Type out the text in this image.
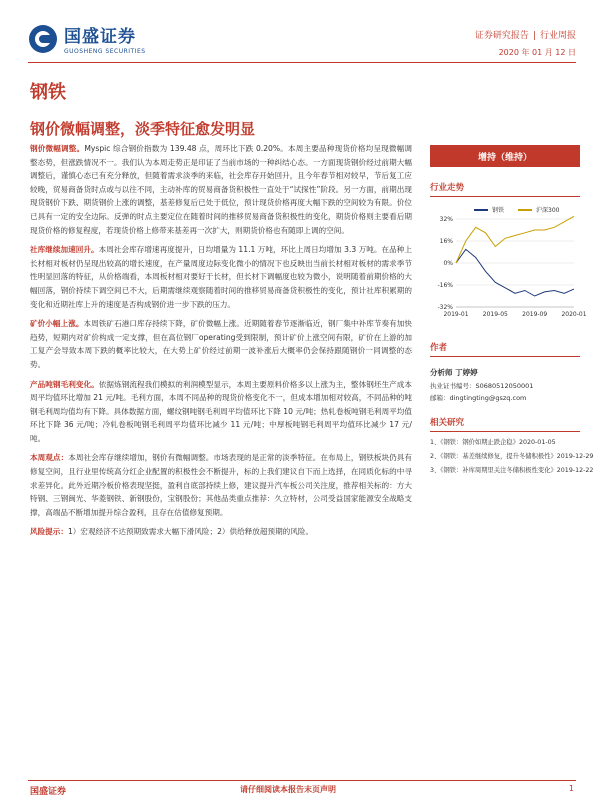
国盛证券
GUOSHENG SECURITIES
证券研究报告 | 行业周报
2020 年 01 月 12 日
钢铁
钢价微幅调整，淡季特征愈发明显

钢价微幅调整。Myspic 综合钢价指数为 139.48 点，周环比下跌 0.20%。本周主要品种现货价格均呈现微幅调整态势，但涨跌情况不一。我们认为本周走势正是印证了当前市场的一种纠结心态。一方面现货钢价经过前期大幅调整后，谨慎心态已有充分释放，但随着需求淡季的来临，社会库存开始回升，且今年春节相对较早，节后复工应较晚，贸易商备货时点或与以往不同，主动补库的贸易商备货积极性一直处于“试探性”阶段。另一方面，前期出现现货钢价下跌、期货钢价上涨的调整，基差修复后已处于低位，预计现货价格再度大幅下跌的空间较为有限。价位已具有一定的安全边际。反弹的时点主要定位在随着时间的推移贸易商备货积极性的变化，期货价格则主要看后期现货价格的修复程度，若现货价格上修带来基差再一次扩大，则期货价格也有随即上调的空间。

社库继续加速回升。本周社会库存增速再度提升，日均增量为 11.1 万吨，环比上周日均增加 3.3 万吨。在品种上长材相对板材仍呈现出较高的增长速度，在产量周度边际变化微小的情况下也反映出当前长材相对板材的需求季节性明显回落的特征，从价格端看，本周板材相对要好于长材，但长材下调幅度也较为微小，说明随着前期价格的大幅回落，钢价持续下调空间已不大，后期需继续观察随着时间的推移贸易商备货积极性的变化，预计社库积累期的变化和近期社库上升的速度是否构成钢价进一步下跌的压力。

矿价小幅上涨。本周铁矿石港口库存持续下降，矿价微幅上涨。近期随着春节逐渐临近，钢厂集中补库节奏有加快趋势，短期内对矿价构成一定支撑，但在高位钢厂operating受到限制，预计矿价上涨空间有限，矿价在上游的加工复产会导致本周下跌的概率比较大，在大势上矿价经过前期一波补涨后大概率仍会保持跟随钢价一同调整的态势。

产品吨钢毛利变化。依据炼钢流程我们模拟的利润模型显示，本周主要原料价格多以上涨为主，整体钢坯生产成本周平均值环比增加 21 元/吨。毛利方面，本周不同品种的现货价格变化不一，但成本增加相对较高，不同品种的吨钢毛利周均值均有下降。具体数据方面，螺纹钢吨钢毛利周平均值环比下降 10 元/吨；热轧卷板吨钢毛利周平均值环比下降 36 元/吨；冷轧卷板吨钢毛利周平均值环比减少 11 元/吨；中厚板吨钢毛利周平均值环比减少 17 元/吨。

本周观点：本周社会库存继续增加，钢价有微幅调整。市场表现的是正常的淡季特征。在布局上，钢铁板块仍具有修复空间，且行业里传统高分红企业配置的积极性会不断提升，标的上我们建议自下而上选择，在同质化标的中寻求差异化。此外近期冷板价格表现坚挺，盈利自底部持续上修，建议提升汽车板公司关注度，推荐相关标的：方大特钢、三钢闽光、华菱钢铁、新钢股份，宝钢股份；其他品类重点推荐：久立特材，公司受益国家能源安全战略支撑，高端品不断增加提升综合盈利，且存在估值修复预期。

风险提示：1）宏观经济不达预期致需求大幅下滑风险；2）供给释放超预期的风险。

增持（维持）
行业走势
钢铁	沪深300
-32%
-16%
0%
16%
32%
2019-01 2019-05 2019-09 2020-01
作者
分析师 丁婷婷
执业证书编号：S0680512050001
邮箱：dingtingting@gszq.com
相关研究
1、《钢铁：钢价如期止跌企稳》2020-01-05
2、《钢铁：基差继续修复，提升冬储积极性》2019-12-29
3、《钢铁：补库周期里关注冬储积极性变化》2019-12-22
国盛证券	请仔细阅读本报告末页声明	1
